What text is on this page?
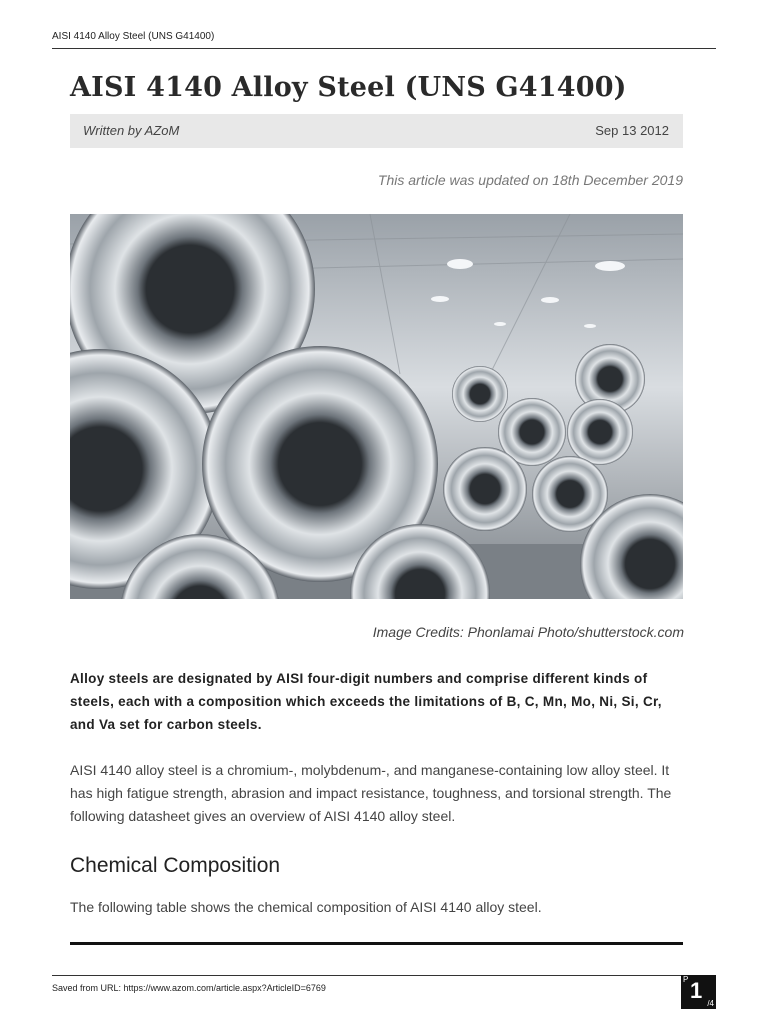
AISI 4140 Alloy Steel (UNS G41400)
AISI 4140 Alloy Steel (UNS G41400)
Written by AZoM	Sep 13 2012
This article was updated on 18th December 2019
Image Credits: Phonlamai Photo/shutterstock.com

Alloy steels are designated by AISI four-digit numbers and comprise different kinds of steels, each with a composition which exceeds the limitations of B, C, Mn, Mo, Ni, Si, Cr, and Va set for carbon steels.

AISI 4140 alloy steel is a chromium-, molybdenum-, and manganese-containing low alloy steel. It has high fatigue strength, abrasion and impact resistance, toughness, and torsional strength. The following datasheet gives an overview of AISI 4140 alloy steel.

Chemical Composition

The following table shows the chemical composition of AISI 4140 alloy steel.

Saved from URL: https://www.azom.com/article.aspx?ArticleID=6769
P 1
/4
